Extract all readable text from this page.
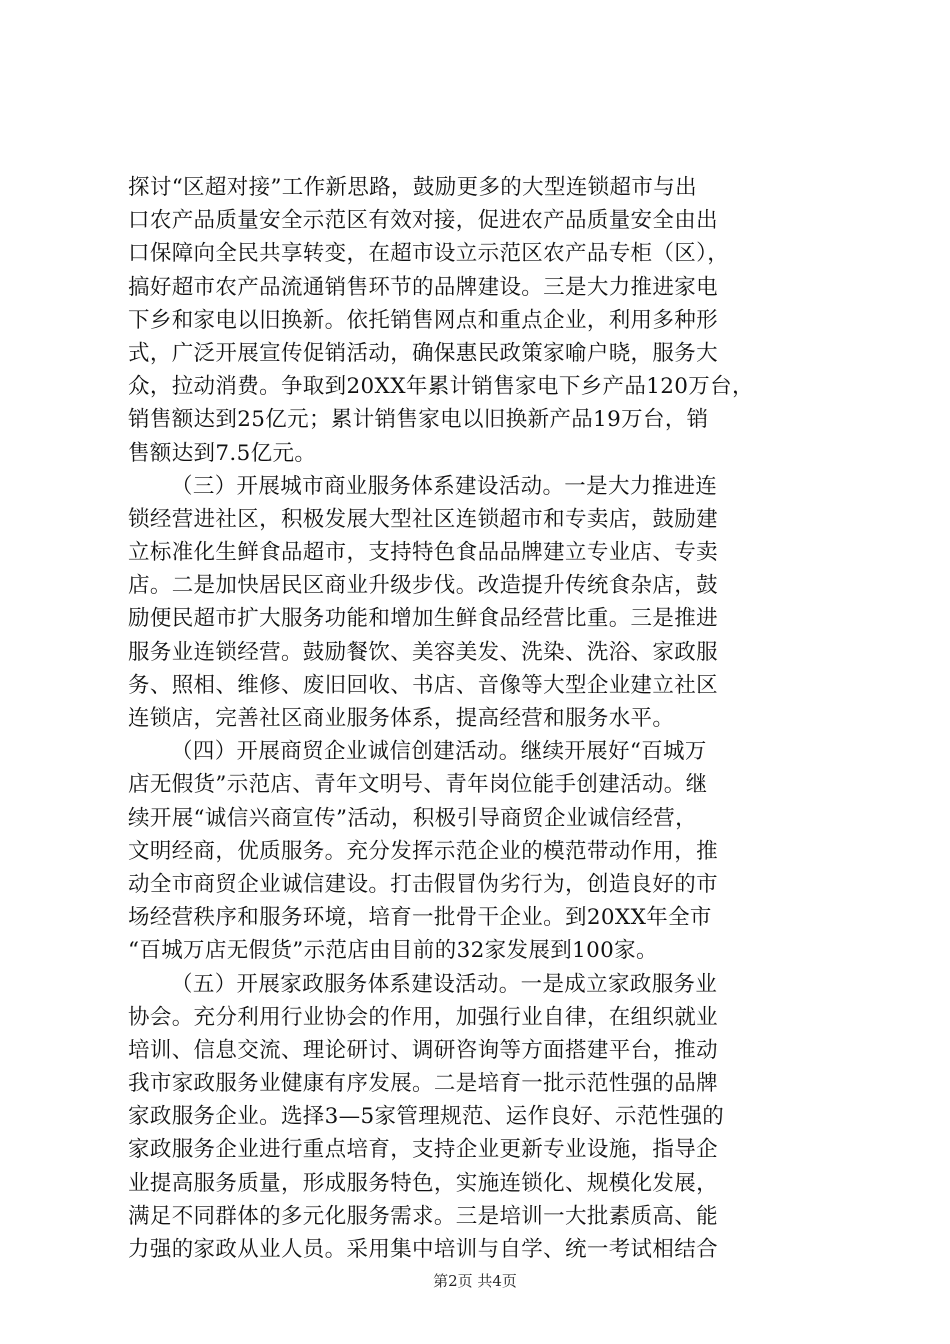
探讨“区超对接”工作新思路，鼓励更多的大型连锁超市与出
口农产品质量安全示范区有效对接，促进农产品质量安全由出
口保障向全民共享转变，在超市设立示范区农产品专柜（区），
搞好超市农产品流通销售环节的品牌建设。三是大力推进家电
下乡和家电以旧换新。依托销售网点和重点企业，利用多种形
式，广泛开展宣传促销活动，确保惠民政策家喻户晓，服务大
众，拉动消费。争取到20XX年累计销售家电下乡产品120万台，
销售额达到25亿元；累计销售家电以旧换新产品19万台，销
售额达到7.5亿元。
（三）开展城市商业服务体系建设活动。一是大力推进连
锁经营进社区，积极发展大型社区连锁超市和专卖店，鼓励建
立标准化生鲜食品超市，支持特色食品品牌建立专业店、专卖
店。二是加快居民区商业升级步伐。改造提升传统食杂店，鼓
励便民超市扩大服务功能和增加生鲜食品经营比重。三是推进
服务业连锁经营。鼓励餐饮、美容美发、洗染、洗浴、家政服
务、照相、维修、废旧回收、书店、音像等大型企业建立社区
连锁店，完善社区商业服务体系，提高经营和服务水平。
（四）开展商贸企业诚信创建活动。继续开展好“百城万
店无假货”示范店、青年文明号、青年岗位能手创建活动。继
续开展“诚信兴商宣传”活动，积极引导商贸企业诚信经营，
文明经商，优质服务。充分发挥示范企业的模范带动作用，推
动全市商贸企业诚信建设。打击假冒伪劣行为，创造良好的市
场经营秩序和服务环境，培育一批骨干企业。到20XX年全市
“百城万店无假货”示范店由目前的32家发展到100家。
（五）开展家政服务体系建设活动。一是成立家政服务业
协会。充分利用行业协会的作用，加强行业自律，在组织就业
培训、信息交流、理论研讨、调研咨询等方面搭建平台，推动
我市家政服务业健康有序发展。二是培育一批示范性强的品牌
家政服务企业。选择3—5家管理规范、运作良好、示范性强的
家政服务企业进行重点培育，支持企业更新专业设施，指导企
业提高服务质量，形成服务特色，实施连锁化、规模化发展，
满足不同群体的多元化服务需求。三是培训一大批素质高、能
力强的家政从业人员。采用集中培训与自学、统一考试相结合
第2页 共4页
